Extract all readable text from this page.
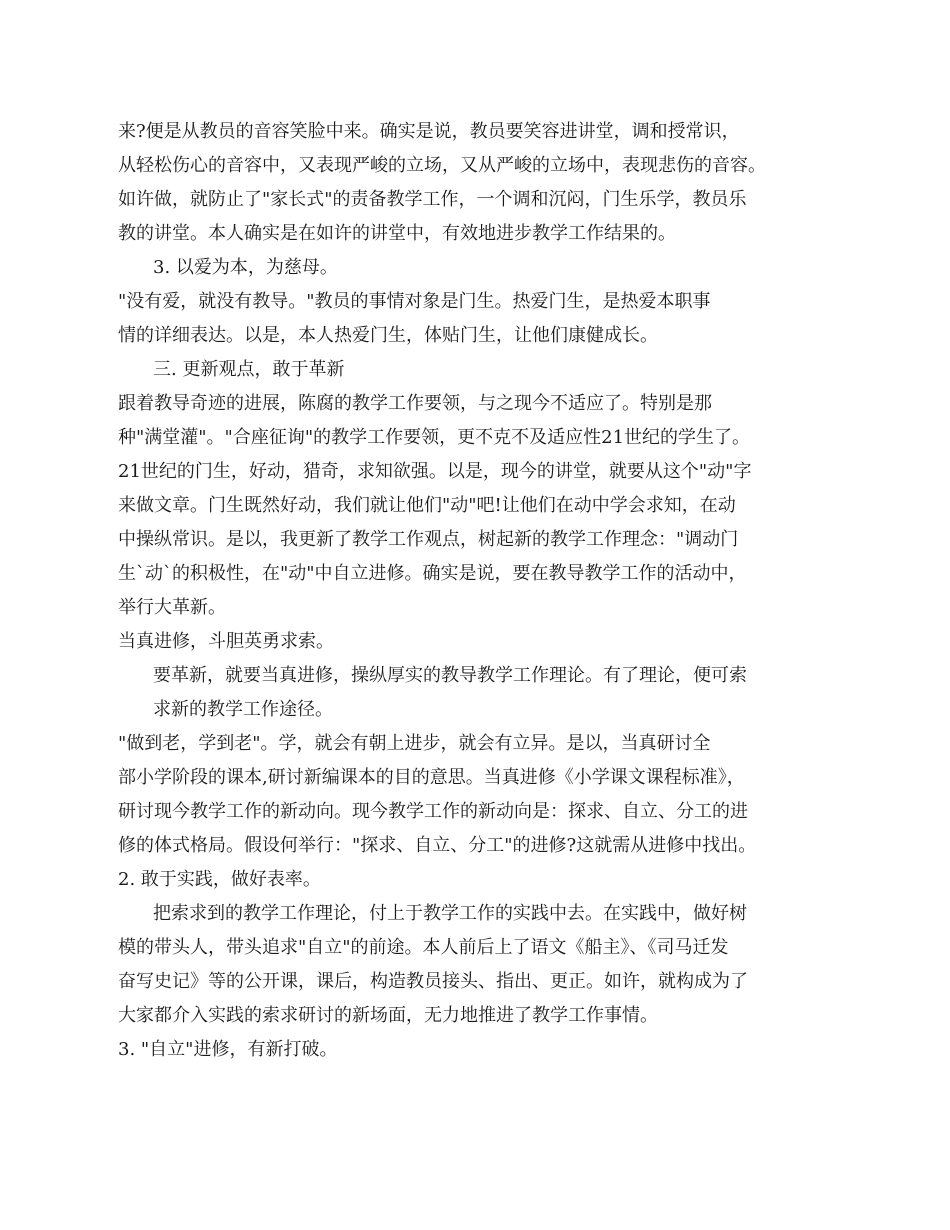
来?便是从教员的音容笑脸中来。确实是说，教员要笑容进讲堂，调和授常识，
从轻松伤心的音容中，又表现严峻的立场，又从严峻的立场中，表现悲伤的音容。
如许做，就防止了"家长式"的责备教学工作，一个调和沉闷，门生乐学，教员乐
教的讲堂。本人确实是在如许的讲堂中，有效地进步教学工作结果的。
3. 以爱为本，为慈母。
"没有爱，就没有教导。"教员的事情对象是门生。热爱门生，是热爱本职事
情的详细表达。以是，本人热爱门生，体贴门生，让他们康健成长。
三. 更新观点，敢于革新
跟着教导奇迹的进展，陈腐的教学工作要领，与之现今不适应了。特别是那
种"满堂灌"。"合座征询"的教学工作要领，更不克不及适应性21世纪的学生了。
21世纪的门生，好动，猎奇，求知欲强。以是，现今的讲堂，就要从这个"动"字
来做文章。门生既然好动，我们就让他们"动"吧!让他们在动中学会求知，在动
中操纵常识。是以，我更新了教学工作观点，树起新的教学工作理念："调动门
生`动`的积极性，在"动"中自立进修。确实是说，要在教导教学工作的活动中，
举行大革新。
当真进修，斗胆英勇求索。
要革新，就要当真进修，操纵厚实的教导教学工作理论。有了理论，便可索
求新的教学工作途径。
"做到老，学到老"。学，就会有朝上进步，就会有立异。是以，当真研讨全
部小学阶段的课本,研讨新编课本的目的意思。当真进修《小学课文课程标准》，
研讨现今教学工作的新动向。现今教学工作的新动向是：探求、自立、分工的进
修的体式格局。假设何举行："探求、自立、分工"的进修?这就需从进修中找出。
2. 敢于实践，做好表率。
把索求到的教学工作理论，付上于教学工作的实践中去。在实践中，做好树
模的带头人，带头追求"自立"的前途。本人前后上了语文《船主》、《司马迁发
奋写史记》等的公开课，课后，构造教员接头、指出、更正。如许，就构成为了
大家都介入实践的索求研讨的新场面，无力地推进了教学工作事情。
3. "自立"进修，有新打破。
